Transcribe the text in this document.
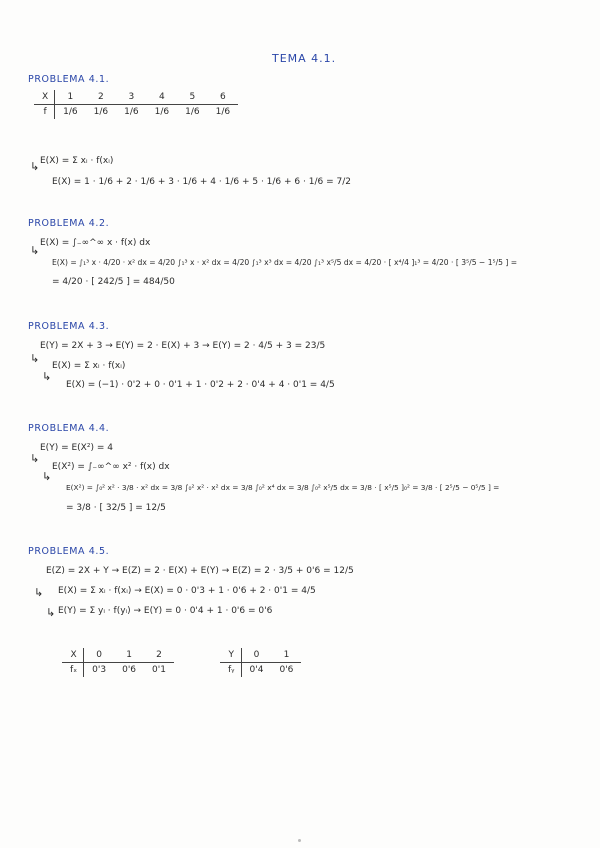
TEMA 4.1.
PROBLEMA 4.1.
X	1	2	3	4	5	6
f	1/6	1/6	1/6	1/6	1/6	1/6
↳ E(X) = Σ xᵢ · f(xᵢ)
E(X) = 1 · 1/6 + 2 · 1/6 + 3 · 1/6 + 4 · 1/6 + 5 · 1/6 + 6 · 1/6 = 7/2
PROBLEMA 4.2.
↳
E(X) = ∫₋∞^∞ x · f(x) dx
E(X) = ∫₁³ x · 4/20 · x² dx = 4/20 ∫₁³ x · x² dx = 4/20 ∫₁³ x³ dx = 4/20 ∫₁³ x⁵/5 dx = 4/20 · [ x⁴/4 ]₁³ = 4/20 · [ 3⁵/5 − 1⁵/5 ] =
= 4/20 · [ 242/5 ] = 484/50
PROBLEMA 4.3.
↳
E(Y) = 2X + 3 → E(Y) = 2 · E(X) + 3 → E(Y) = 2 · 4/5 + 3 = 23/5
↳
E(X) = Σ xᵢ · f(xᵢ)
E(X) = (−1) · 0'2 + 0 · 0'1 + 1 · 0'2 + 2 · 0'4 + 4 · 0'1 = 4/5
PROBLEMA 4.4.
↳
E(Y) = E(X²) = 4
↳
E(X²) = ∫₋∞^∞ x² · f(x) dx
E(X²) = ∫₀² x² · 3/8 · x² dx = 3/8 ∫₀² x² · x² dx = 3/8 ∫₀² x⁴ dx = 3/8 ∫₀² x⁵/5 dx = 3/8 · [ x⁵/5 ]₀² = 3/8 · [ 2⁵/5 − 0⁵/5 ] =
= 3/8 · [ 32/5 ] = 12/5
PROBLEMA 4.5.
↳
E(Z) = 2X + Y → E(Z) = 2 · E(X) + E(Y) → E(Z) = 2 · 3/5 + 0'6 = 12/5
E(X) = Σ xᵢ · f(xᵢ) → E(X) = 0 · 0'3 + 1 · 0'6 + 2 · 0'1 = 4/5
↳ E(Y) = Σ yᵢ · f(yᵢ) → E(Y) = 0 · 0'4 + 1 · 0'6 = 0'6
X	0	1	2
fₓ	0'3	0'6	0'1
Y	0	1
fᵧ	0'4	0'6
